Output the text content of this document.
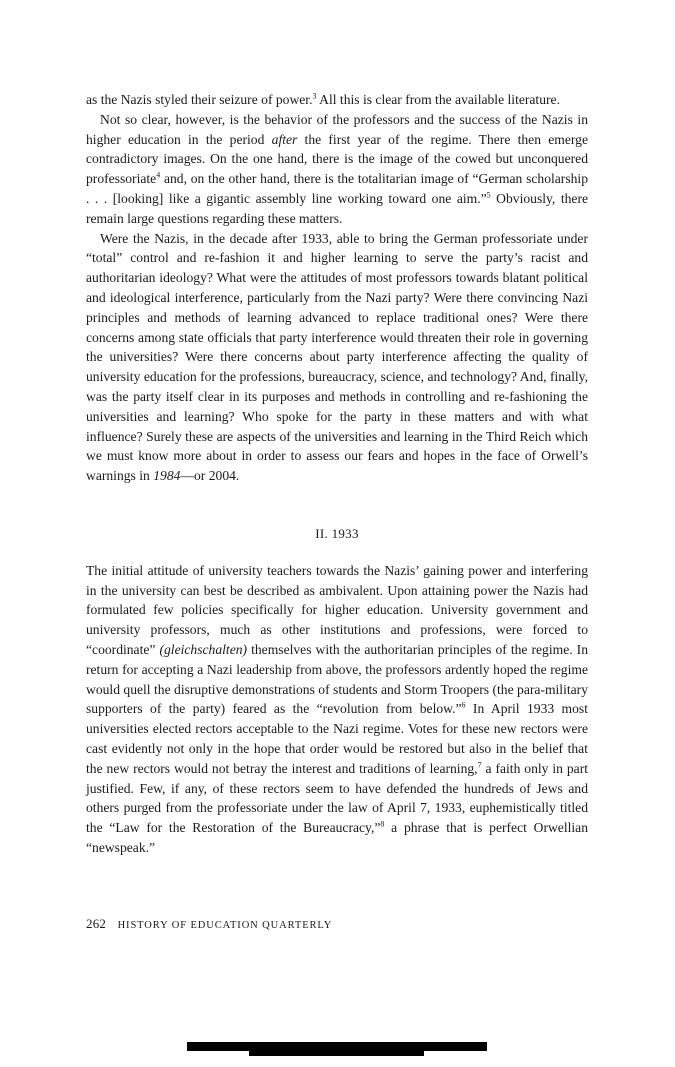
as the Nazis styled their seizure of power.$^3$ All this is clear from the available literature.

Not so clear, however, is the behavior of the professors and the success of the Nazis in higher education in the period after the first year of the regime. There then emerge contradictory images. On the one hand, there is the image of the cowed but unconquered professoriate$^4$ and, on the other hand, there is the totalitarian image of “German scholarship . . . [looking] like a gigantic assembly line working toward one aim.”$^5$ Obviously, there remain large questions regarding these matters.

Were the Nazis, in the decade after 1933, able to bring the German professoriate under “total” control and re-fashion it and higher learning to serve the party’s racist and authoritarian ideology? What were the attitudes of most professors towards blatant political and ideological interference, particularly from the Nazi party? Were there convincing Nazi principles and methods of learning advanced to replace traditional ones? Were there concerns among state officials that party interference would threaten their role in governing the universities? Were there concerns about party interference affecting the quality of university education for the professions, bureaucracy, science, and technology? And, finally, was the party itself clear in its purposes and methods in controlling and re-fashioning the universities and learning? Who spoke for the party in these matters and with what influence? Surely these are aspects of the universities and learning in the Third Reich which we must know more about in order to assess our fears and hopes in the face of Orwell’s warnings in 1984—or 2004.

II. 1933

The initial attitude of university teachers towards the Nazis’ gaining power and interfering in the university can best be described as ambivalent. Upon attaining power the Nazis had formulated few policies specifically for higher education. University government and university professors, much as other institutions and professions, were forced to “coordinate” (gleichschalten) themselves with the authoritarian principles of the regime. In return for accepting a Nazi leadership from above, the professors ardently hoped the regime would quell the disruptive demonstrations of students and Storm Troopers (the para-military supporters of the party) feared as the “revolution from below.”$^6$ In April 1933 most universities elected rectors acceptable to the Nazi regime. Votes for these new rectors were cast evidently not only in the hope that order would be restored but also in the belief that the new rectors would not betray the interest and traditions of learning,$^7$ a faith only in part justified. Few, if any, of these rectors seem to have defended the hundreds of Jews and others purged from the professoriate under the law of April 7, 1933, euphemistically titled the “Law for the Restoration of the Bureaucracy,”$^8$ a phrase that is perfect Orwellian “newspeak.”

262 HISTORY OF EDUCATION QUARTERLY
